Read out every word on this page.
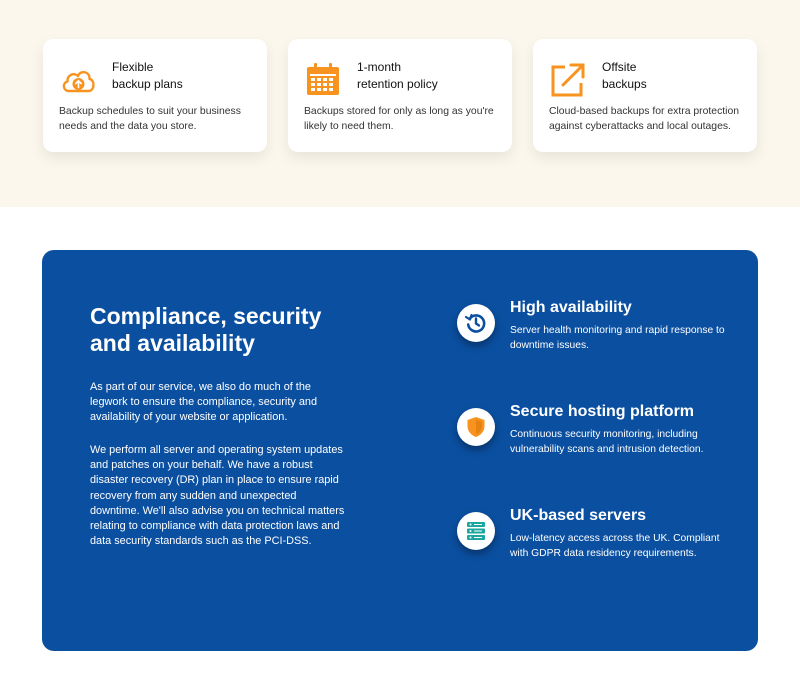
Flexible
backup plans
Backup schedules to suit your business needs and the data you store.
1-month
retention policy
Backups stored for only as long as you're likely to need them.
Offsite
backups
Cloud-based backups for extra protection against cyberattacks and local outages.
Compliance, security and availability

As part of our service, we also do much of the legwork to ensure the compliance, security and availability of your website or application.

We perform all server and operating system updates and patches on your behalf. We have a robust disaster recovery (DR) plan in place to ensure rapid recovery from any sudden and unexpected downtime. We'll also advise you on technical matters relating to compliance with data protection laws and data security standards such as the PCI-DSS.

High availability
Server health monitoring and rapid response to downtime issues.
Secure hosting platform
Continuous security monitoring, including vulnerability scans and intrusion detection.
UK-based servers
Low-latency access across the UK. Compliant with GDPR data residency requirements.
